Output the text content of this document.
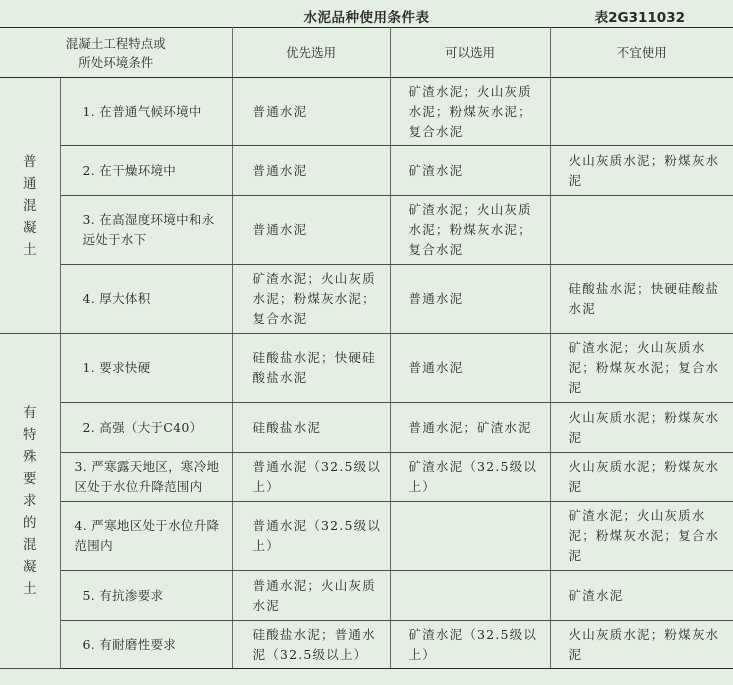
水泥品种使用条件表	表2G311032
混凝土工程特点或
所处环境条件		优先选用	可以选用	不宜使用
普通混凝土	1. 在普通气候环境中	普通水泥	矿渣水泥；火山灰质水泥；粉煤灰水泥；复合水泥	
	2. 在干燥环境中	普通水泥	矿渣水泥	火山灰质水泥；粉煤灰水泥
	3. 在高湿度环境中和永远处于水下	普通水泥	矿渣水泥；火山灰质水泥；粉煤灰水泥；复合水泥	
	4. 厚大体积	矿渣水泥；火山灰质水泥；粉煤灰水泥；复合水泥	普通水泥	硅酸盐水泥；快硬硅酸盐水泥
有特殊要求的混凝土	1. 要求快硬	硅酸盐水泥；快硬硅酸盐水泥	普通水泥	矿渣水泥；火山灰质水泥；粉煤灰水泥；复合水泥
	2. 高强（大于C40）	硅酸盐水泥	普通水泥；矿渣水泥	火山灰质水泥；粉煤灰水泥
	3. 严寒露天地区，寒冷地区处于水位升降范围内	普通水泥（32.5级以上）	矿渣水泥（32.5级以上）	火山灰质水泥；粉煤灰水泥
	4. 严寒地区处于水位升降范围内	普通水泥（32.5级以上）		矿渣水泥；火山灰质水泥；粉煤灰水泥；复合水泥
	5. 有抗渗要求	普通水泥；火山灰质水泥		矿渣水泥
	6. 有耐磨性要求	硅酸盐水泥；普通水泥（32.5级以上）	矿渣水泥（32.5级以上）	火山灰质水泥；粉煤灰水泥
